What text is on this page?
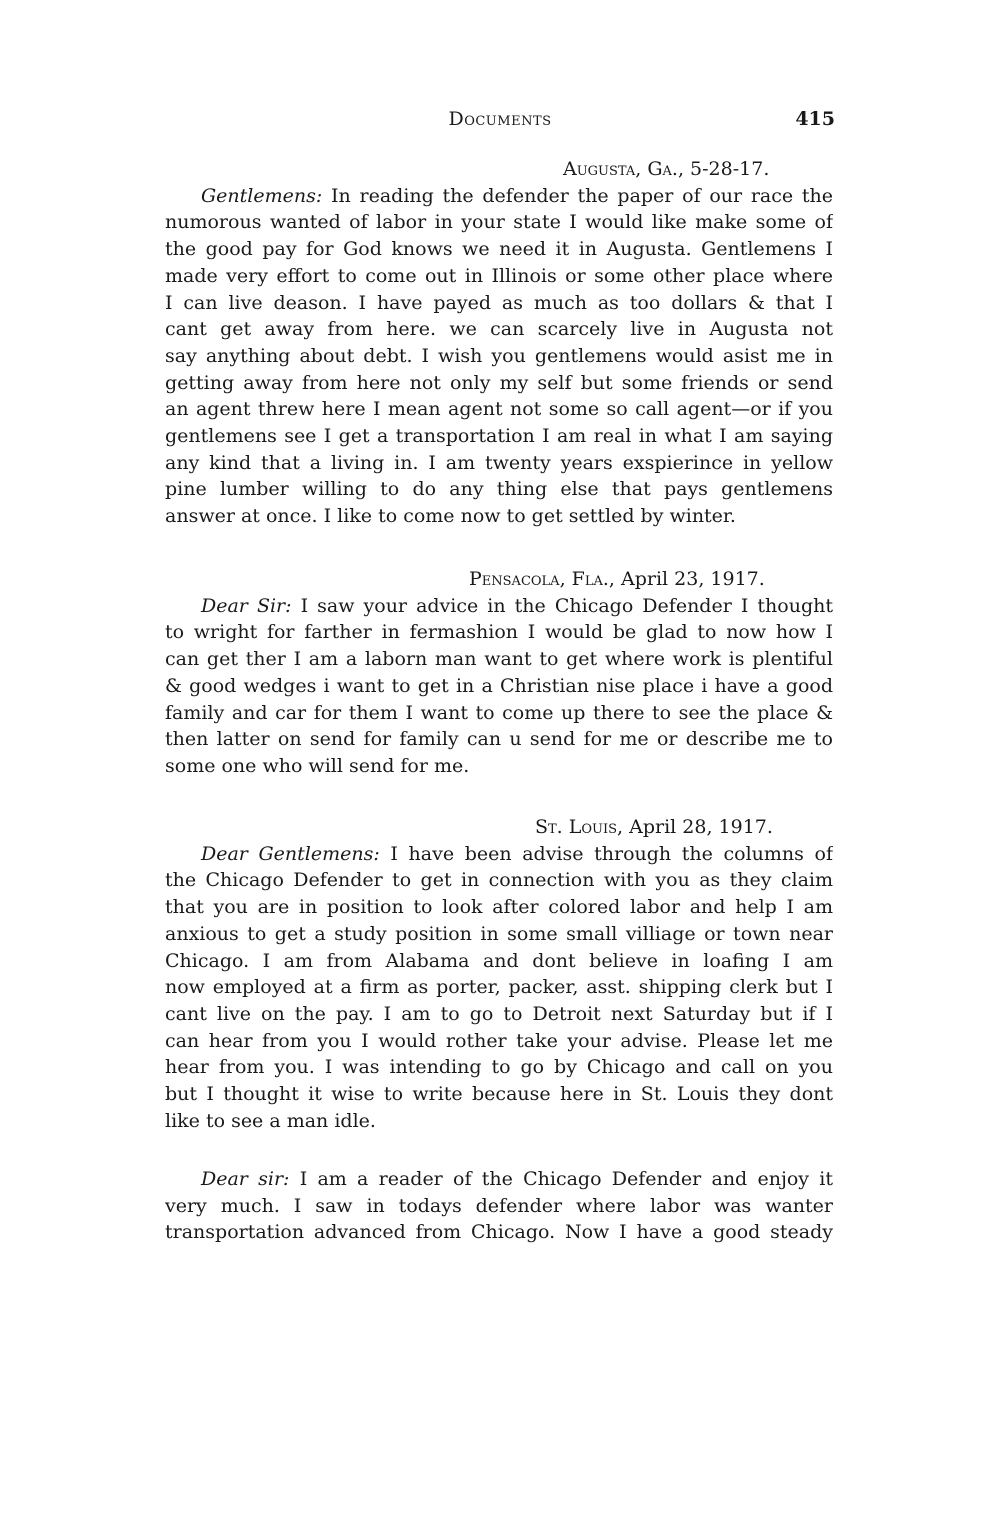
Documents	415
Augusta, Ga., 5-28-17.
Gentlemens: In reading the defender the paper of our race the
numorous wanted of labor in your state I would like make some of
the good pay for God knows we need it in Augusta. Gentlemens I
made very effort to come out in Illinois or some other place where
I can live deason. I have payed as much as too dollars & that I
cant get away from here. we can scarcely live in Augusta not
say anything about debt. I wish you gentlemens would asist me in
getting away from here not only my self but some friends or send
an agent threw here I mean agent not some so call agent—or if you
gentlemens see I get a transportation I am real in what I am saying
any kind that a living in. I am twenty years exspierince in yellow
pine lumber willing to do any thing else that pays gentlemens
answer at once. I like to come now to get settled by winter.
Pensacola, Fla., April 23, 1917.
Dear Sir: I saw your advice in the Chicago Defender I thought
to wright for farther in fermashion I would be glad to now how I
can get ther I am a laborn man want to get where work is plentiful
& good wedges i want to get in a Christian nise place i have a good
family and car for them I want to come up there to see the place &
then latter on send for family can u send for me or describe me to
some one who will send for me.
St. Louis, April 28, 1917.
Dear Gentlemens: I have been advise through the columns of
the Chicago Defender to get in connection with you as they claim
that you are in position to look after colored labor and help I am
anxious to get a study position in some small villiage or town near
Chicago. I am from Alabama and dont believe in loafing I am
now employed at a firm as porter, packer, asst. shipping clerk but I
cant live on the pay. I am to go to Detroit next Saturday but if I
can hear from you I would rother take your advise. Please let me
hear from you. I was intending to go by Chicago and call on you
but I thought it wise to write because here in St. Louis they dont
like to see a man idle.
Dear sir: I am a reader of the Chicago Defender and enjoy it
very much. I saw in todays defender where labor was wanter
transportation advanced from Chicago. Now I have a good steady
